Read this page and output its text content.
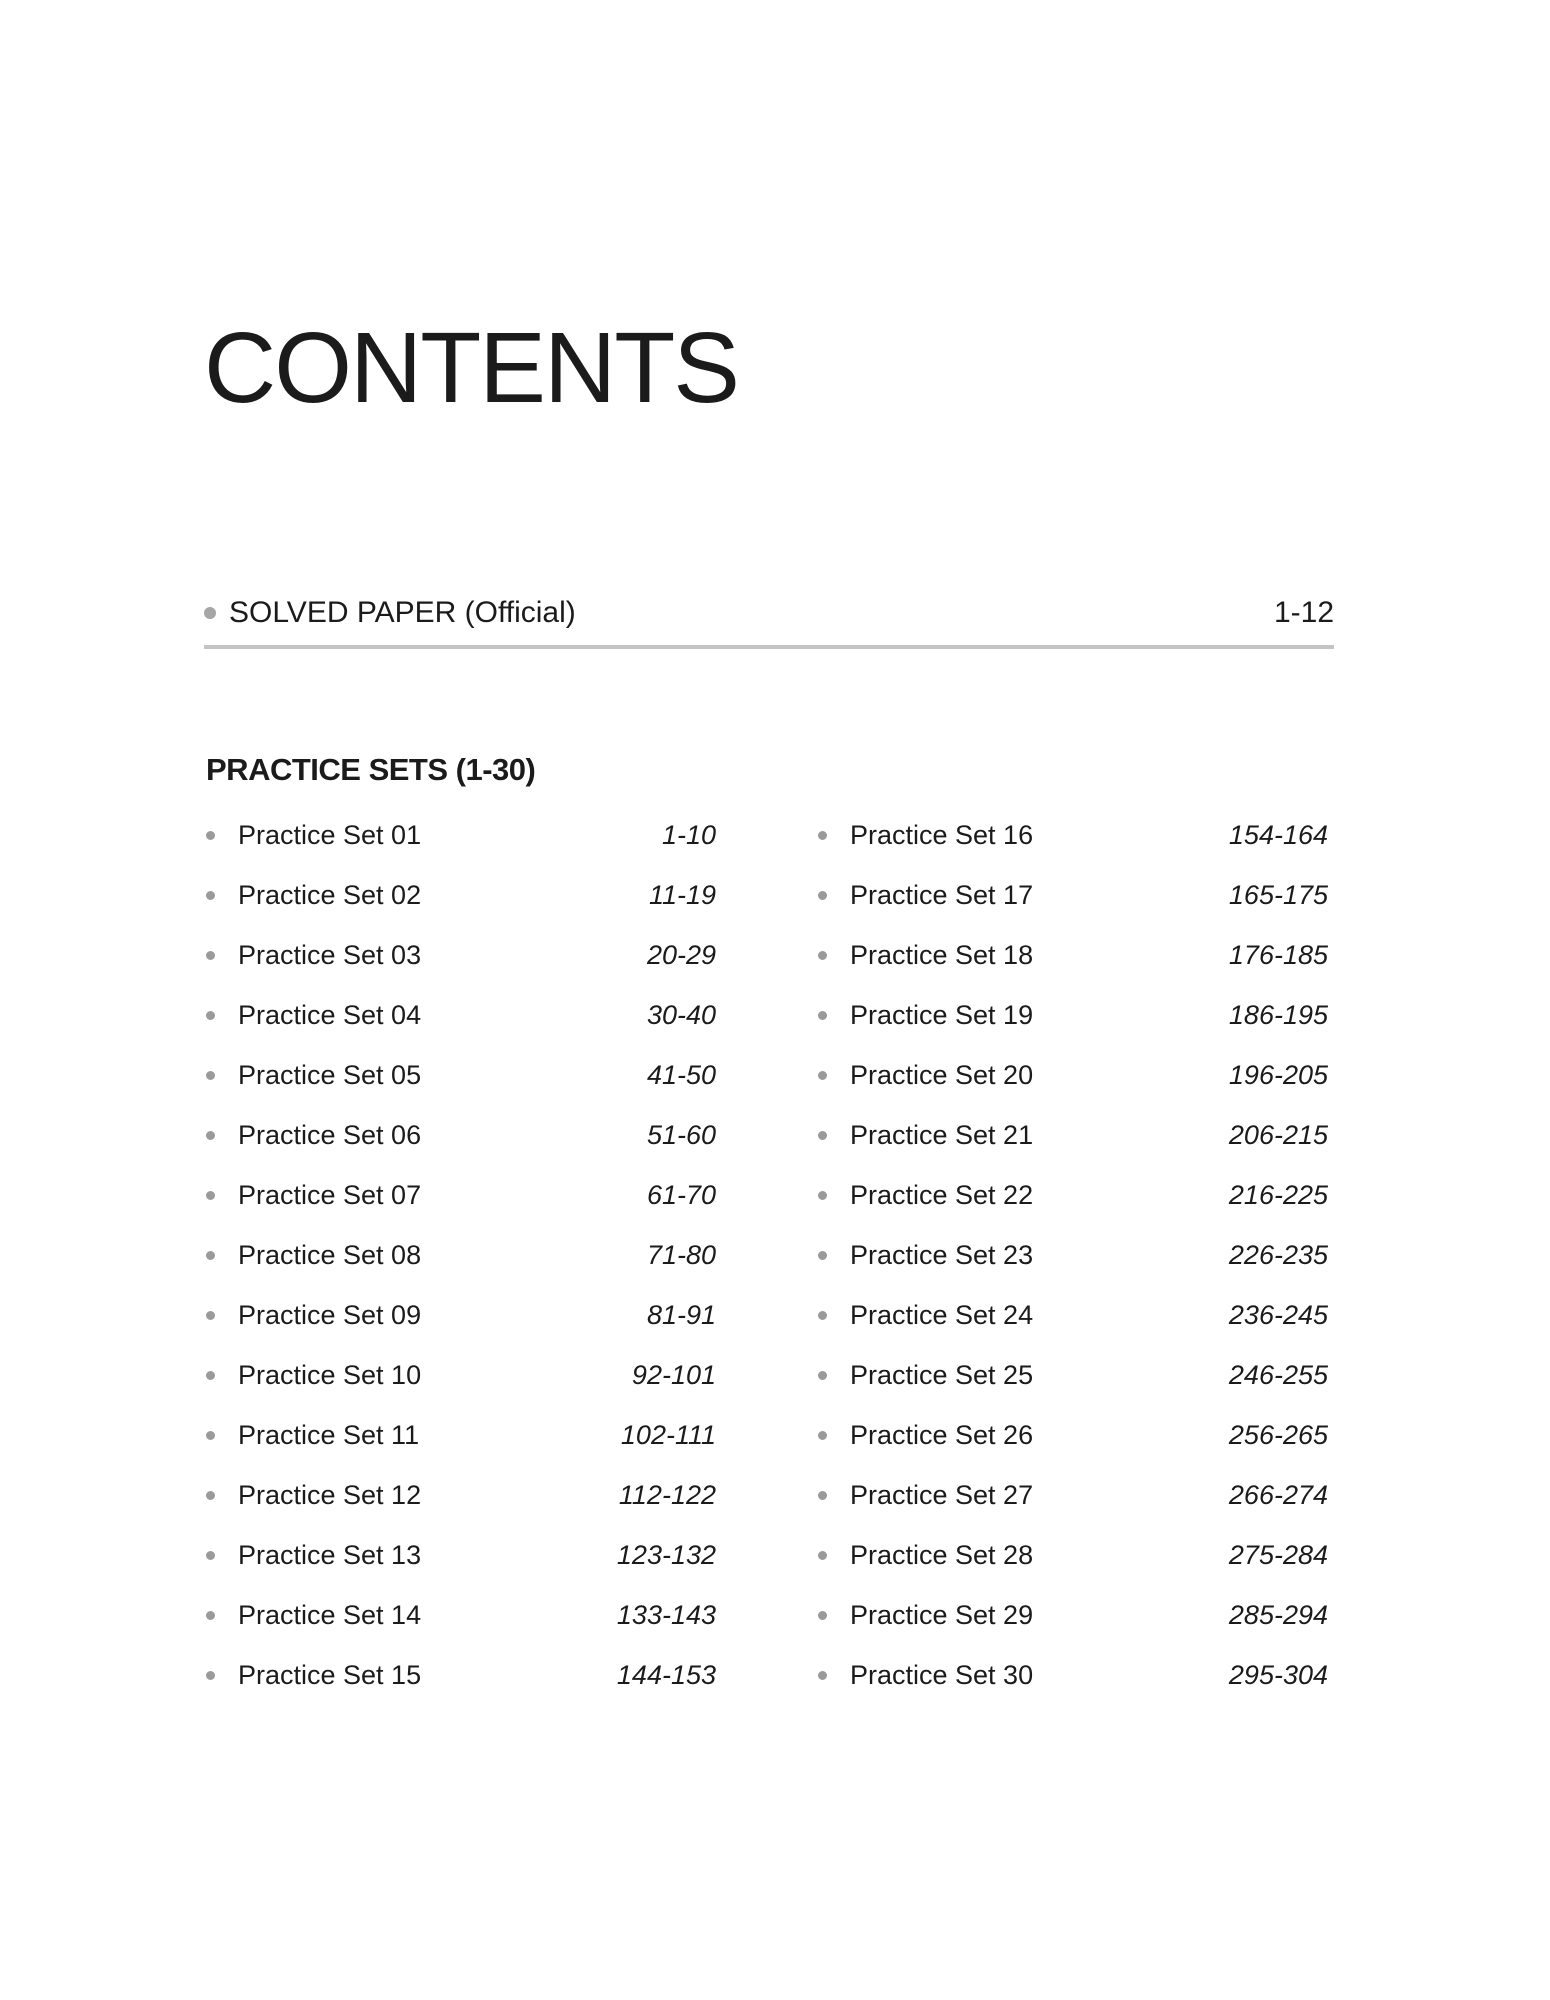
CONTENTS
SOLVED PAPER (Official)	1-12
PRACTICE SETS (1-30)
Practice Set 01	1-10
Practice Set 02	11-19
Practice Set 03	20-29
Practice Set 04	30-40
Practice Set 05	41-50
Practice Set 06	51-60
Practice Set 07	61-70
Practice Set 08	71-80
Practice Set 09	81-91
Practice Set 10	92-101
Practice Set 11	102-111
Practice Set 12	112-122
Practice Set 13	123-132
Practice Set 14	133-143
Practice Set 15	144-153
Practice Set 16	154-164
Practice Set 17	165-175
Practice Set 18	176-185
Practice Set 19	186-195
Practice Set 20	196-205
Practice Set 21	206-215
Practice Set 22	216-225
Practice Set 23	226-235
Practice Set 24	236-245
Practice Set 25	246-255
Practice Set 26	256-265
Practice Set 27	266-274
Practice Set 28	275-284
Practice Set 29	285-294
Practice Set 30	295-304
